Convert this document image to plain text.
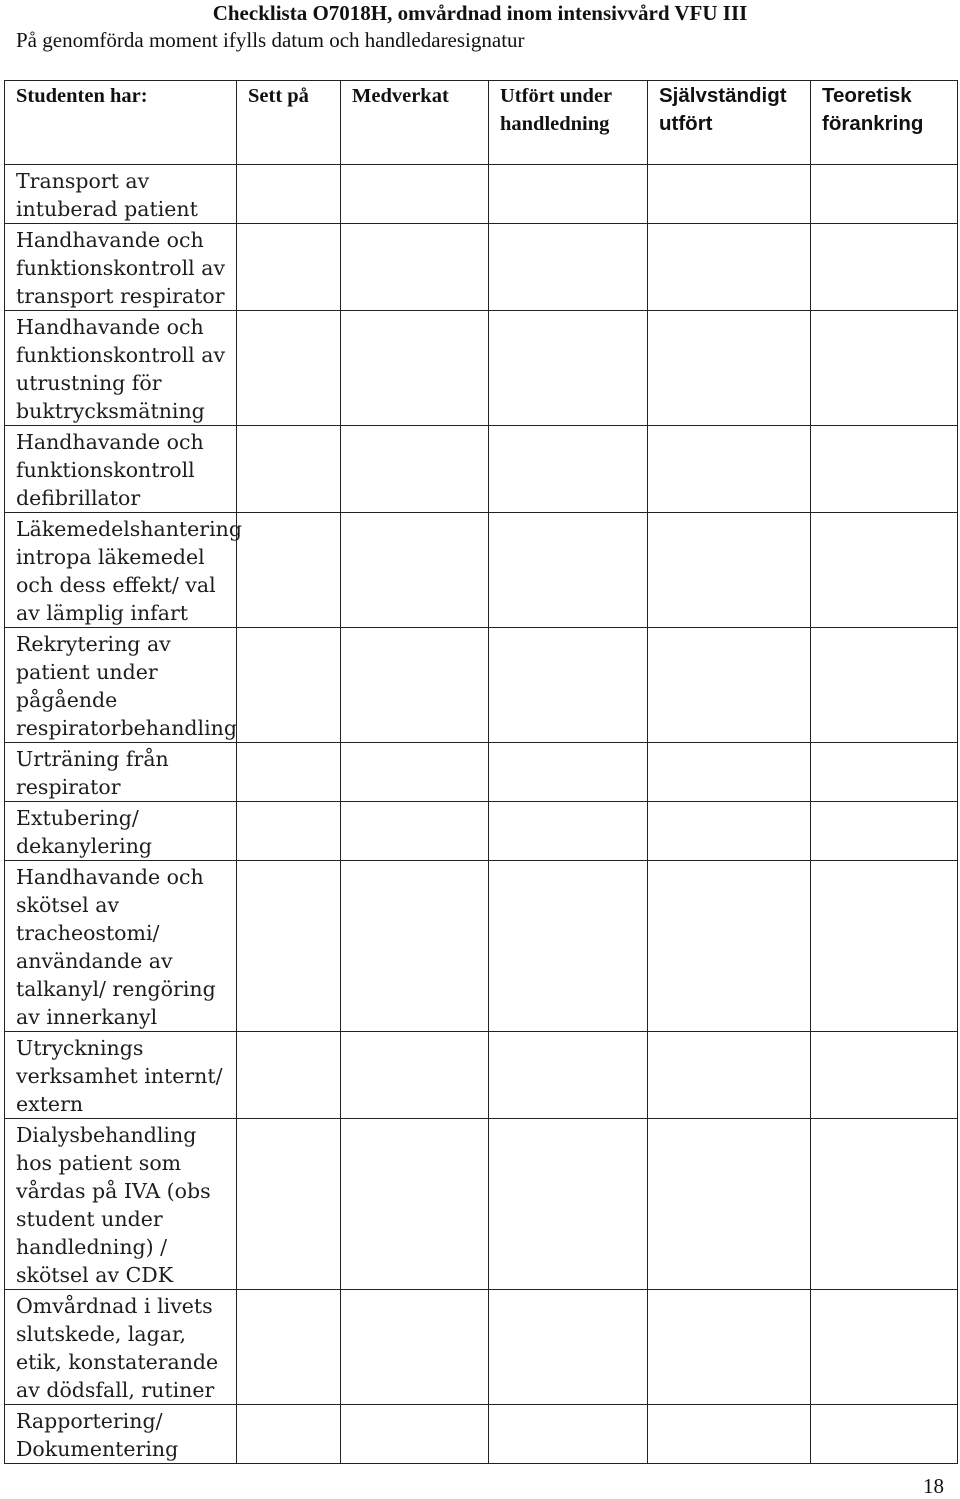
Checklista O7018H, omvårdnad inom intensivvård VFU III
På genomförda moment ifylls datum och handledaresignatur
Studenten har:	Sett på	Medverkat	Utfört under handledning	Självständigt utfört	Teoretisk förankring
Transport av intuberad patient					
Handhavande och funktionskontroll av transport respirator					
Handhavande och funktionskontroll av utrustning för buktrycksmätning					
Handhavande och funktionskontroll defibrillator					
Läkemedelshantering intropa läkemedel och dess effekt/ val av lämplig infart					
Rekrytering av patient under pågående respiratorbehandling					
Urträning från respirator					
Extubering/ dekanylering					
Handhavande och skötsel av tracheostomi/ användande av talkanyl/ rengöring av innerkanyl					
Utrycknings verksamhet internt/ extern					
Dialysbehandling hos patient som vårdas på IVA (obs student under handledning) / skötsel av CDK					
Omvårdnad i livets slutskede, lagar, etik, konstaterande av dödsfall, rutiner					
Rapportering/ Dokumentering					
18
